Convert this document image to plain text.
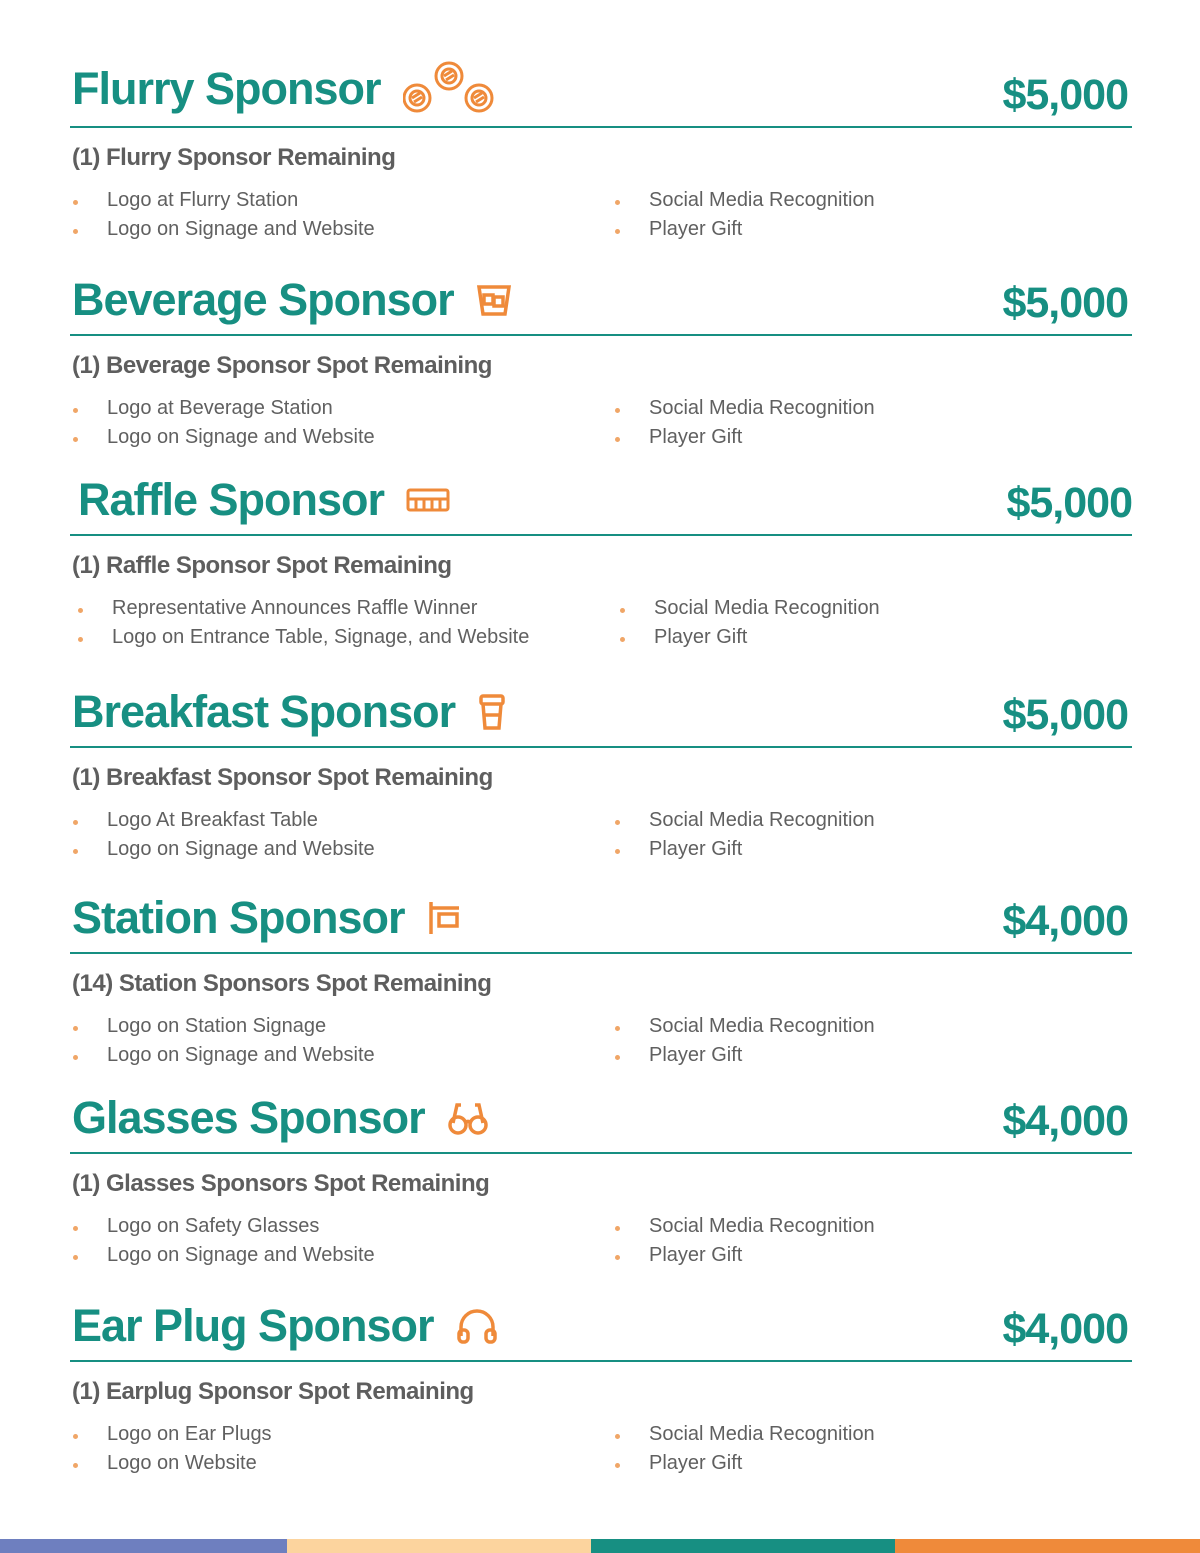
Flurry Sponsor	$5,000
(1) Flurry Sponsor Remaining
Logo at Flurry Station
Logo on Signage and Website
Social Media Recognition
Player Gift
Beverage Sponsor	$5,000
(1) Beverage Sponsor Spot Remaining
Logo at Beverage Station
Logo on Signage and Website
Social Media Recognition
Player Gift
Raffle Sponsor	$5,000
(1) Raffle Sponsor Spot Remaining
Representative Announces Raffle Winner
Logo on Entrance Table, Signage, and Website
Social Media Recognition
Player Gift
Breakfast Sponsor	$5,000
(1) Breakfast Sponsor Spot Remaining
Logo At Breakfast Table
Logo on Signage and Website
Social Media Recognition
Player Gift
Station Sponsor	$4,000
(14) Station Sponsors Spot Remaining
Logo on Station Signage
Logo on Signage and Website
Social Media Recognition
Player Gift
Glasses Sponsor	$4,000
(1) Glasses Sponsors Spot Remaining
Logo on Safety Glasses
Logo on Signage and Website
Social Media Recognition
Player Gift
Ear Plug Sponsor	$4,000
(1) Earplug Sponsor Spot Remaining
Logo on Ear Plugs
Logo on Website
Social Media Recognition
Player Gift
